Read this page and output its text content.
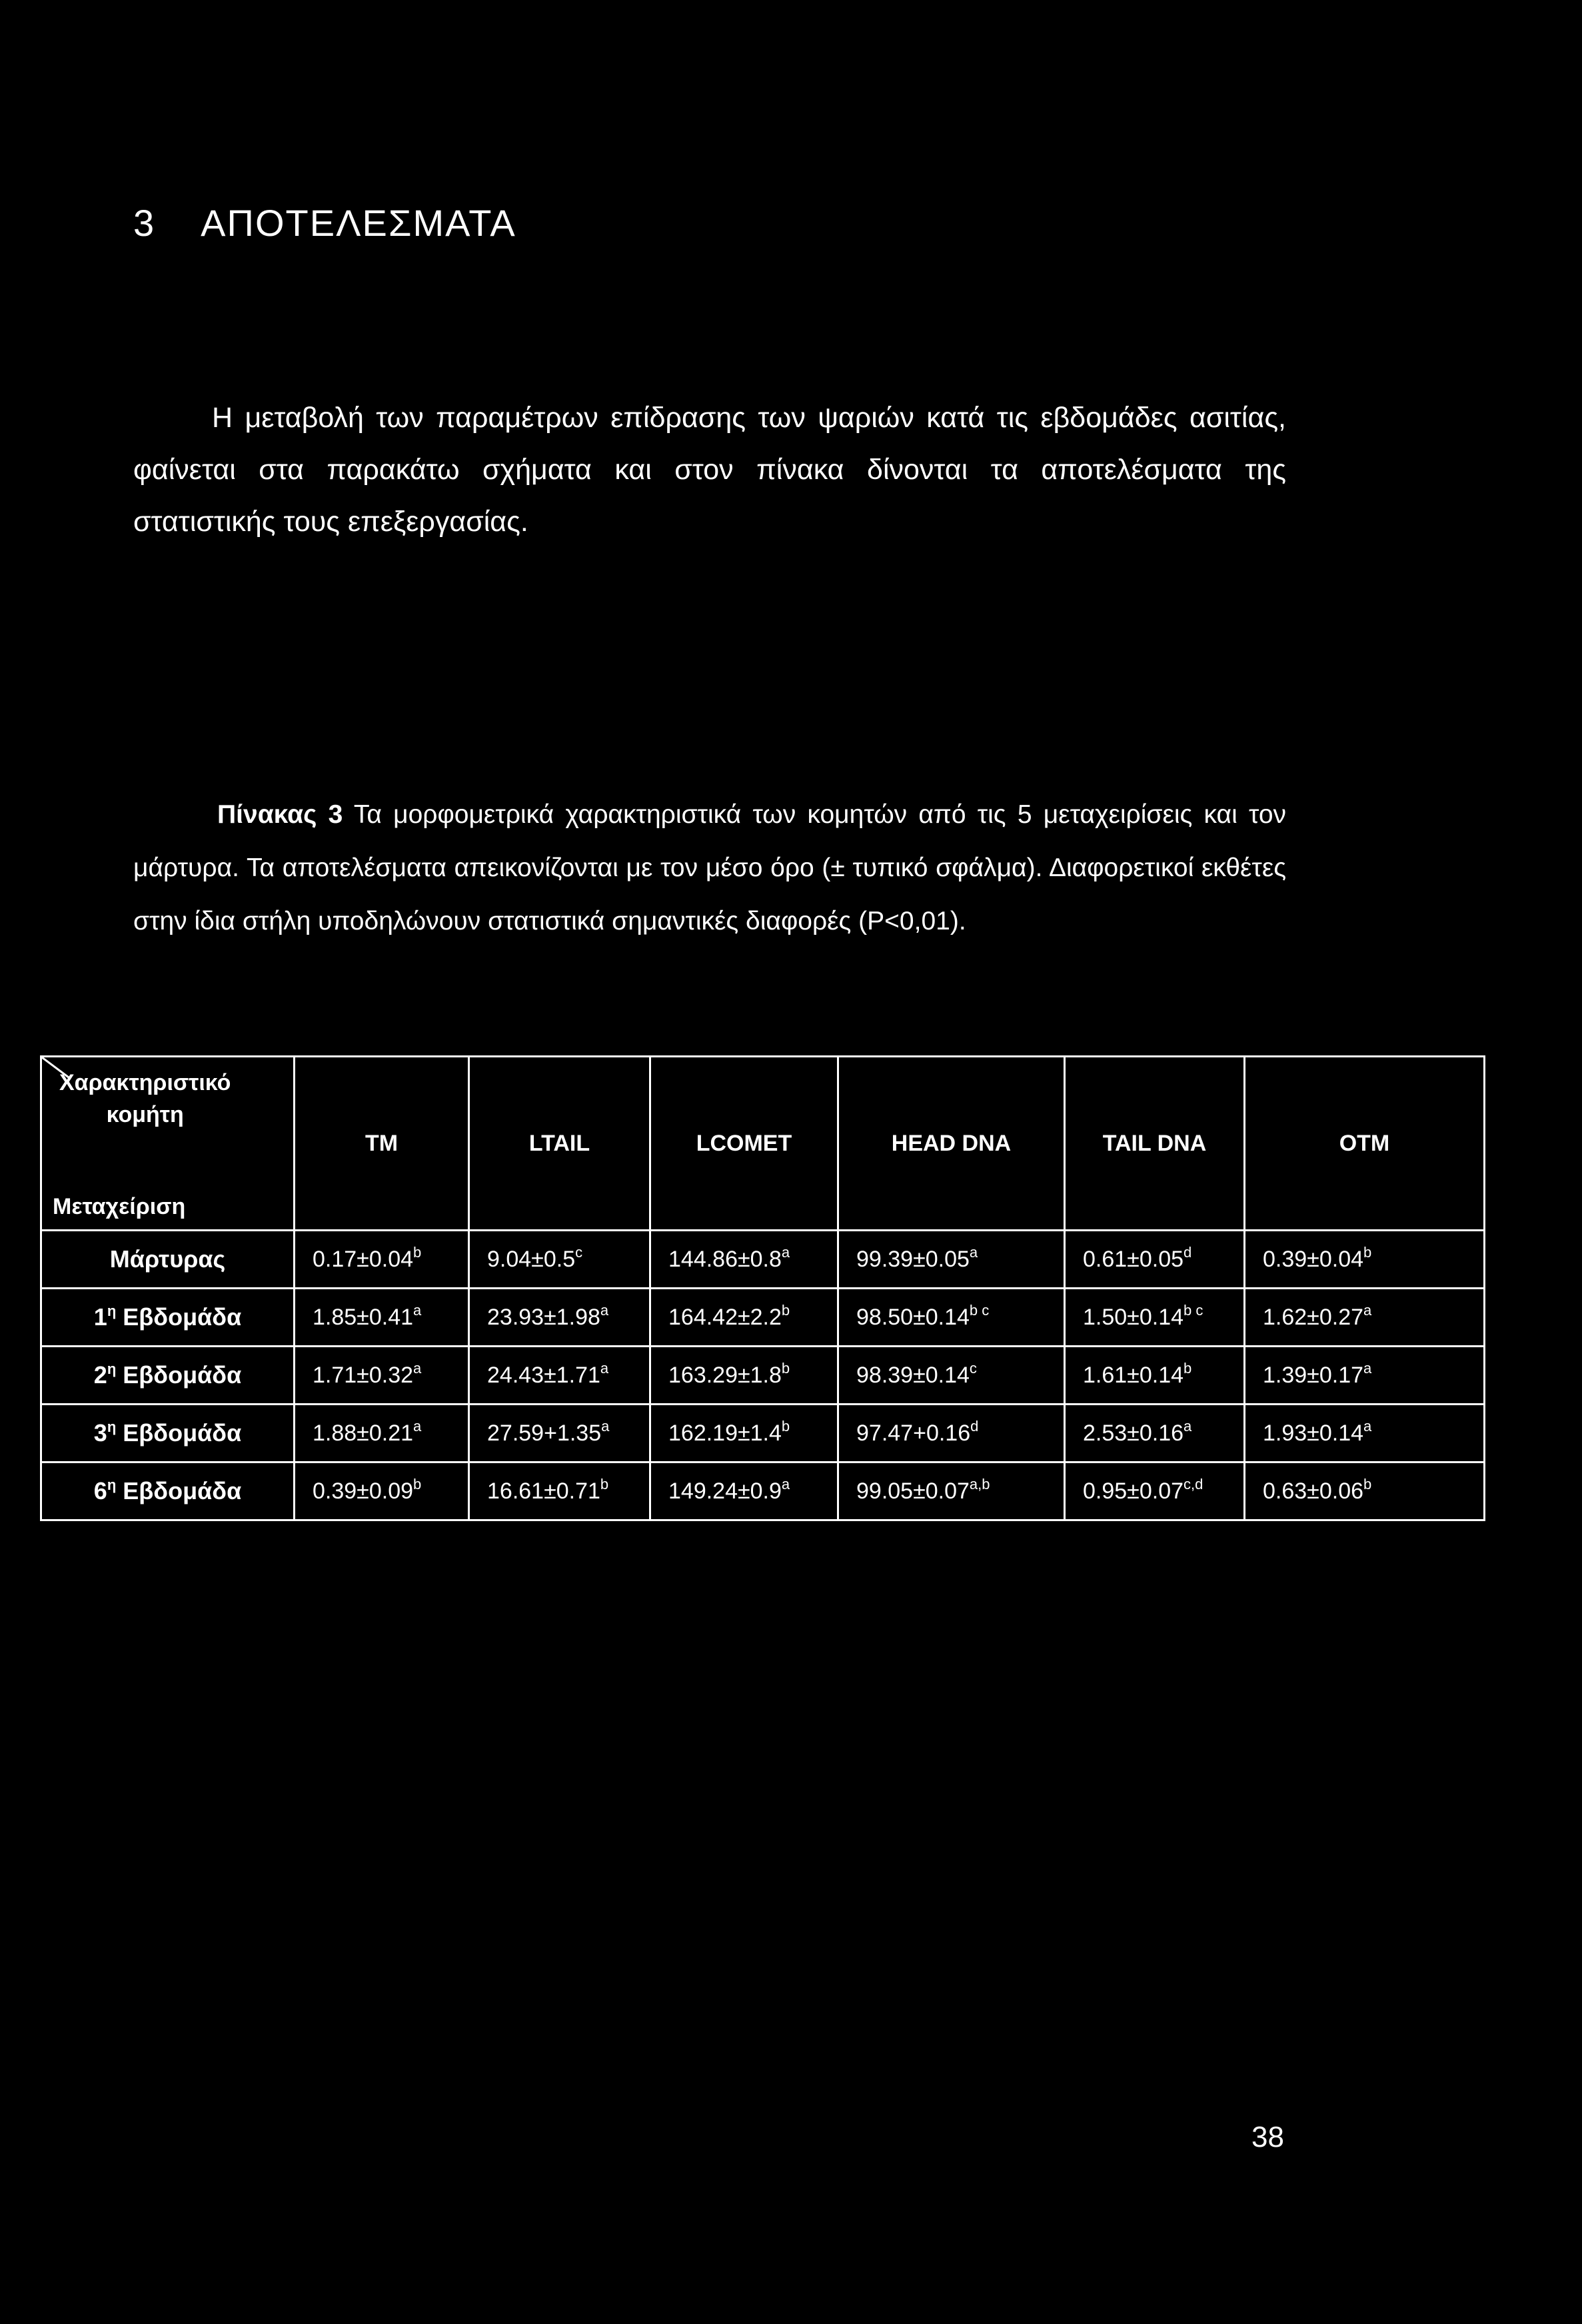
3 ΑΠΟΤΕΛΕΣΜΑΤΑ

Η μεταβολή των παραμέτρων επίδρασης των ψαριών κατά τις εβδομάδες ασιτίας, φαίνεται στα παρακάτω σχήματα και στον πίνακα δίνονται τα αποτελέσματα της στατιστικής τους επεξεργασίας.

Πίνακας 3 Τα μορφομετρικά χαρακτηριστικά των κομητών από τις 5 μεταχειρίσεις και τον μάρτυρα. Τα αποτελέσματα απεικονίζονται με τον μέσο όρο (± τυπικό σφάλμα). Διαφορετικοί εκθέτες στην ίδια στήλη υποδηλώνουν στατιστικά σημαντικές διαφορές (P<0,01).

Χαρακτηριστικό
κομήτη
Μεταχείριση	TM	LTAIL	LCOMET	HEAD DNA	TAIL DNA	OTM
Μάρτυρας	0.17±0.04$^b$	9.04±0.5$^c$	144.86±0.8$^a$	99.39±0.05$^a$	0.61±0.05$^d$	0.39±0.04$^b$
$1^\eta$ Εβδομάδα	1.85±0.41$^a$	23.93±1.98$^a$	164.42±2.2$^b$	$98.50\pm 0.14^{b c}$	$1.50\pm 0.14^{b c}$	1.62±0.27$^a$
$2^\eta$ Εβδομάδα	1.71±0.32$^a$	24.43±1.71$^a$	163.29±1.8$^b$	98.39±0.14$^c$	1.61±0.14$^b$	1.39±0.17$^a$
$3^\eta$ Εβδομάδα	1.88±0.21$^a$	27.59+1.35$^a$	162.19±1.4$^b$	97.47+0.16$^d$	2.53±0.16$^a$	1.93±0.14$^a$
$6^\eta$ Εβδομάδα	0.39±0.09$^b$	16.61±0.71$^b$	149.24±0.9$^a$	$99.05\pm 0.07^{a,b}$	$0.95\pm 0.07^{c,d}$	0.63±0.06$^b$
38
